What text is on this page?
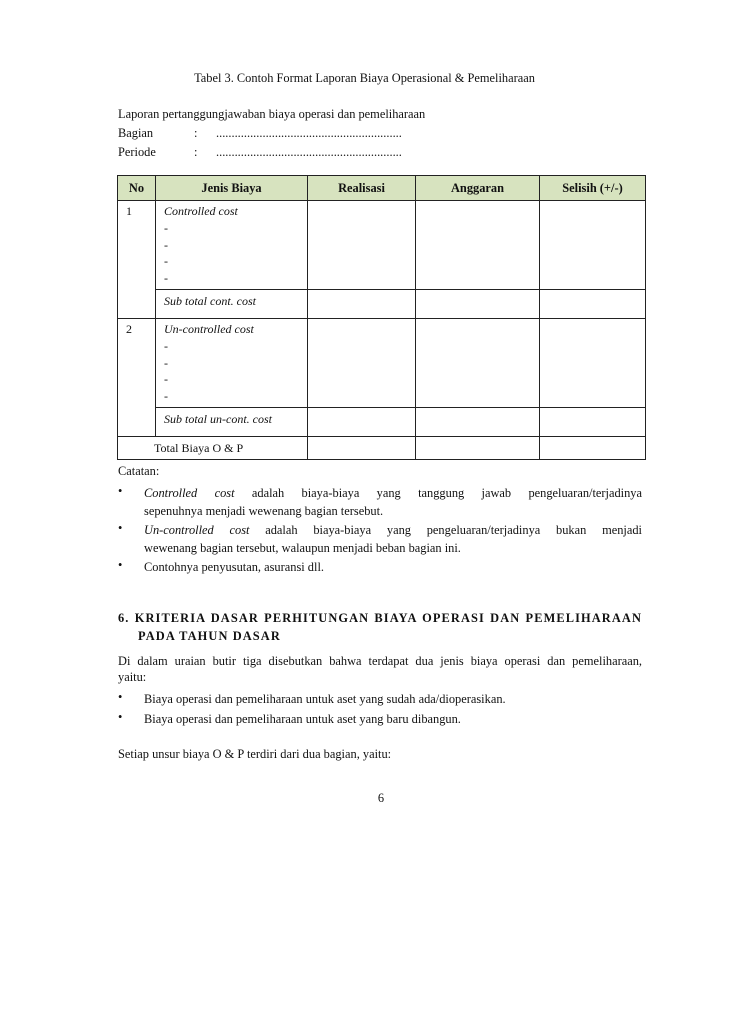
Tabel 3. Contoh Format Laporan Biaya Operasional & Pemeliharaan
Laporan pertanggungjawaban biaya operasi dan pemeliharaan
Bagian	: ............................................................
Periode	: ............................................................
No	Jenis Biaya	Realisasi	Anggaran	Selisih (+/-)
1	Controlled cost
-
-
-
-			

	Sub total cont. cost			

2	Un-controlled cost
-
-
-
-			

	Sub total un-cont. cost			

Total Biaya O & P				

Catatan:
• Controlled cost adalah biaya-biaya yang tanggung jawab pengeluaran/terjadinya
sepenuhnya menjadi wewenang bagian tersebut.
• Un-controlled cost adalah biaya-biaya yang pengeluaran/terjadinya bukan menjadi
wewenang bagian tersebut, walaupun menjadi beban bagian ini.
• Contohnya penyusutan, asuransi dll.
6. KRITERIA DASAR PERHITUNGAN BIAYA OPERASI DAN PEMELIHARAAN
PADA TAHUN DASAR
Di dalam uraian butir tiga disebutkan bahwa terdapat dua jenis biaya operasi dan pemeliharaan,
yaitu:
• Biaya operasi dan pemeliharaan untuk aset yang sudah ada/dioperasikan.
• Biaya operasi dan pemeliharaan untuk aset yang baru dibangun.
Setiap unsur biaya O & P terdiri dari dua bagian, yaitu:
6
